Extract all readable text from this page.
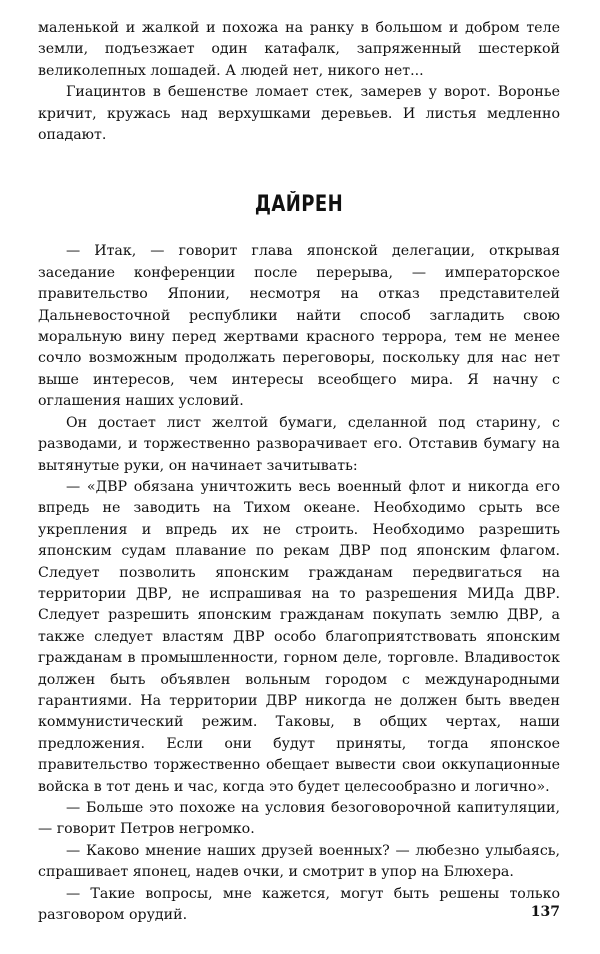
маленькой и жалкой и похожа на ранку в большом и добром теле земли, подъезжает один катафалк, запряженный шестеркой великолепных лошадей. А людей нет, никого нет...

Гиацинтов в бешенстве ломает стек, замерев у ворот. Воронье кричит, кружась над верхушками деревьев. И листья медленно опадают.

ДАЙРЕН

— Итак, — говорит глава японской делегации, открывая заседание конференции после перерыва, — императорское правительство Японии, несмотря на отказ представителей Дальневосточной республики найти способ загладить свою моральную вину перед жертвами красного террора, тем не менее сочло возможным продолжать переговоры, поскольку для нас нет выше интересов, чем интересы всеобщего мира. Я начну с оглашения наших условий.

Он достает лист желтой бумаги, сделанной под старину, с разводами, и торжественно разворачивает его. Отставив бумагу на вытянутые руки, он начинает зачитывать:

— «ДВР обязана уничтожить весь военный флот и никогда его впредь не заводить на Тихом океане. Необходимо срыть все укрепления и впредь их не строить. Необходимо разрешить японским судам плавание по рекам ДВР под японским флагом. Следует позволить японским гражданам передвигаться на территории ДВР, не испрашивая на то разрешения МИДа ДВР. Следует разрешить японским гражданам покупать землю ДВР, а также следует властям ДВР особо благоприятствовать японским гражданам в промышленности, горном деле, торговле. Владивосток должен быть объявлен вольным городом с международными гарантиями. На территории ДВР никогда не должен быть введен коммунистический режим. Таковы, в общих чертах, наши предложения. Если они будут приняты, тогда японское правительство торжественно обещает вывести свои оккупационные войска в тот день и час, когда это будет целесообразно и логично».

— Больше это похоже на условия безоговорочной капитуляции, — говорит Петров негромко.

— Каково мнение наших друзей военных? — любезно улыбаясь, спрашивает японец, надев очки, и смотрит в упор на Блюхера.

— Такие вопросы, мне кажется, могут быть решены только разговором орудий.	137
